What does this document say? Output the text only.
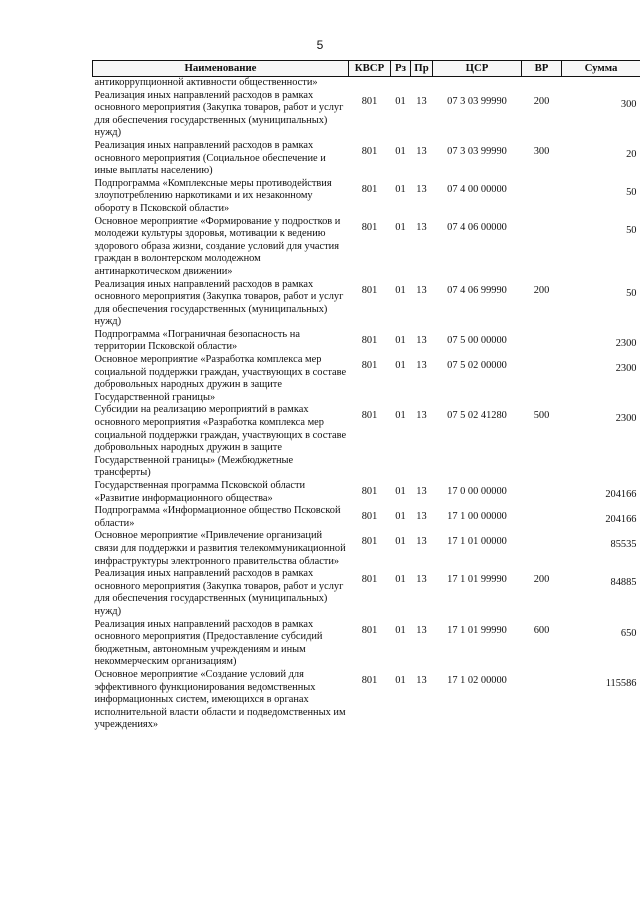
5
Наименование	КВСР	Рз	Пр	ЦСР	ВР	Сумма
антикоррупционной активности общественности»						
Реализация иных направлений расходов в рамках основного мероприятия (Закупка товаров, работ и услуг для обеспечения государственных (муниципальных) нужд)	801	01	13	07 3 03 99990	200	300
Реализация иных направлений расходов в рамках основного мероприятия (Социальное обеспечение и иные выплаты населению)	801	01	13	07 3 03 99990	300	20
Подпрограмма «Комплексные меры противодействия злоупотреблению наркотиками и их незаконному обороту в Псковской области»	801	01	13	07 4 00 00000		50
Основное мероприятие «Формирование у подростков и молодежи культуры здоровья, мотивации к ведению здорового образа жизни, создание условий для участия граждан в волонтерском молодежном антинаркотическом движении»	801	01	13	07 4 06 00000		50
Реализация иных направлений расходов в рамках основного мероприятия (Закупка товаров, работ и услуг для обеспечения государственных (муниципальных) нужд)	801	01	13	07 4 06 99990	200	50
Подпрограмма «Пограничная безопасность на территории Псковской области»	801	01	13	07 5 00 00000		2300
Основное мероприятие «Разработка комплекса мер социальной поддержки граждан, участвующих в составе добровольных народных дружин в защите Государственной границы»	801	01	13	07 5 02 00000		2300
Субсидии на реализацию мероприятий в рамках основного мероприятия «Разработка комплекса мер социальной поддержки граждан, участвующих в составе добровольных народных дружин в защите Государственной границы» (Межбюджетные трансферты)	801	01	13	07 5 02 41280	500	2300
Государственная программа Псковской области «Развитие информационного общества»	801	01	13	17 0 00 00000		204166
Подпрограмма «Информационное общество Псковской области»	801	01	13	17 1 00 00000		204166
Основное мероприятие «Привлечение организаций связи для поддержки и развития телекоммуникационной инфраструктуры электронного правительства области»	801	01	13	17 1 01 00000		85535
Реализация иных направлений расходов в рамках основного мероприятия (Закупка товаров, работ и услуг для обеспечения государственных (муниципальных) нужд)	801	01	13	17 1 01 99990	200	84885
Реализация иных направлений расходов в рамках основного мероприятия (Предоставление субсидий бюджетным, автономным учреждениям и иным некоммерческим организациям)	801	01	13	17 1 01 99990	600	650
Основное мероприятие «Создание условий для эффективного функционирования ведомственных информационных систем, имеющихся в органах исполнительной власти области и подведомственных им учреждениях»	801	01	13	17 1 02 00000		115586
